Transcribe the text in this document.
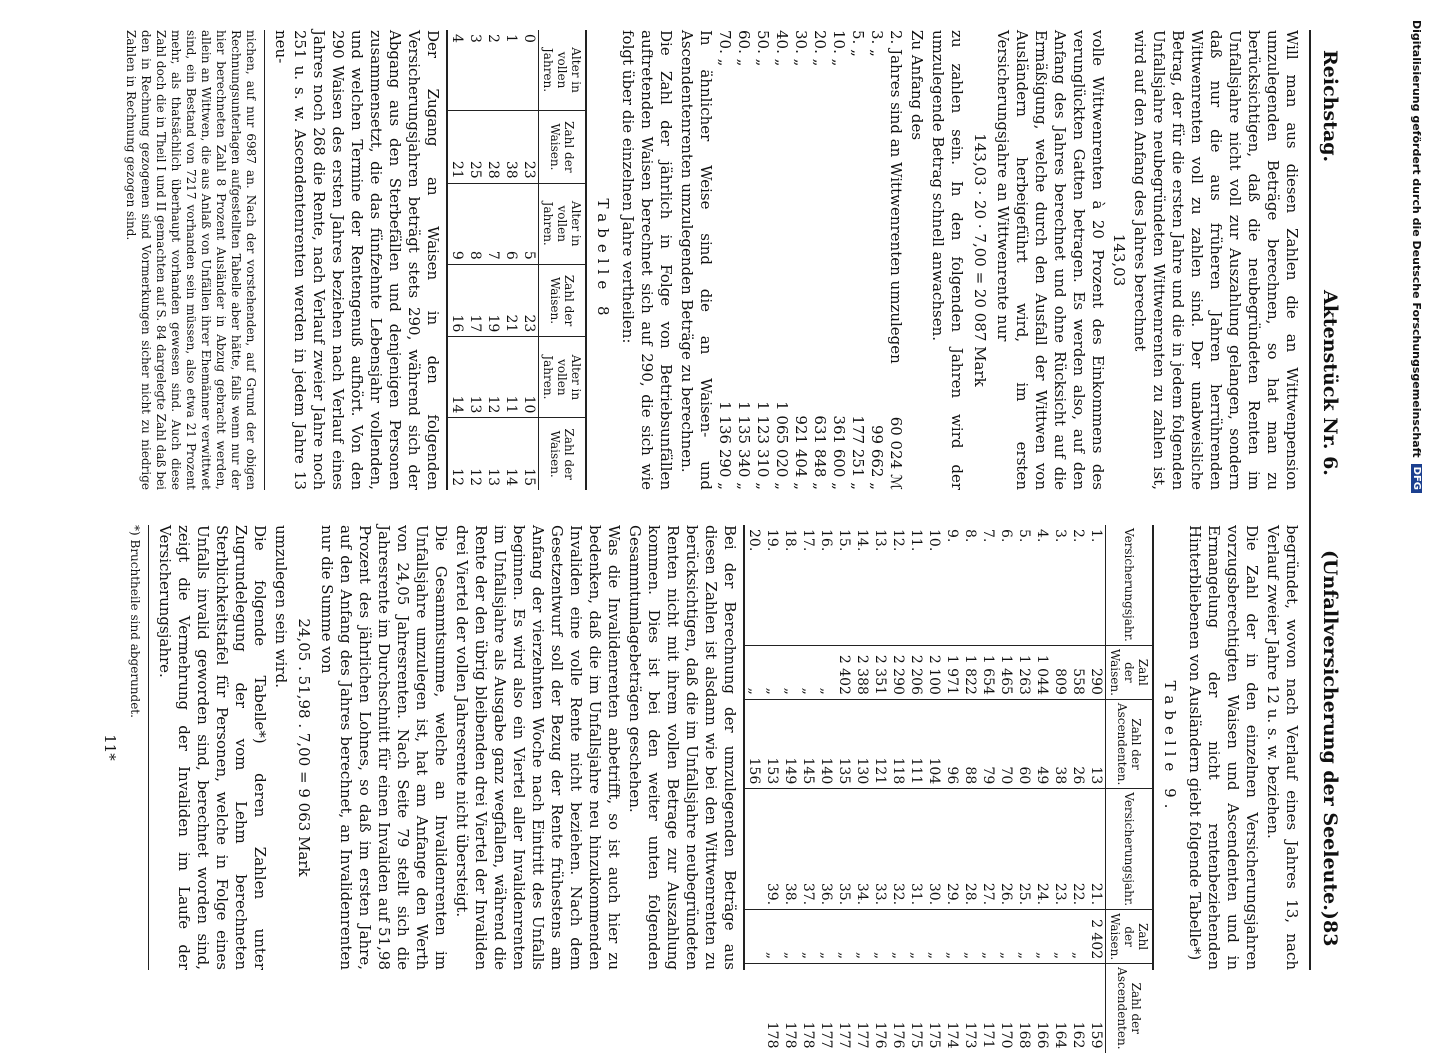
Reichstag.
Aktenstück Nr. 6.
(Unfallversicherung der Seeleute.)
83

Will man aus diesen Zahlen die an Wittwenpension umzulegenden Beträge berechnen, so hat man zu berücksichtigen, daß die neubegründeten Renten im Unfallsjahre nicht voll zur Auszahlung gelangen, sondern daß nur die aus früheren Jahren herrührenden Wittwenrenten voll zu zahlen sind. Der unabweisliche Betrag, der für die ersten Jahre und die in jedem folgenden Unfallsjahre neubegründeten Wittwenrenten zu zahlen ist, wird auf den Anfang des Jahres berechnet

143,03

volle Wittwenrenten à 20 Prozent des Einkommens des verunglückten Gatten betragen. Es werden also, auf den Anfang des Jahres berechnet und ohne Rücksicht auf die Ermäßigung, welche durch den Ausfall der Wittwen von Ausländern herbeigeführt wird, im ersten Versicherungsjahre an Wittwenrente nur

143,03 · 20 · 7,00 = 20 087 Mark

zu zahlen sein. In den folgenden Jahren wird der umzulegende Betrag schnell anwachsen.

Zu Anfang des

2. Jahres sind an Wittwenrenten umzulegen
60 024 ℳ
3. „
99 662 „
5. „
177 251 „
10. „
361 600 „
20. „
631 848 „
30. „
921 404 „
40. „
1 065 020 „
50. „
1 123 310 „
60. „
1 135 340 „
70. „
1 136 290 „

In ähnlicher Weise sind die an Waisen- und Ascendentenrenten umzulegenden Beträge zu berechnen.

Die Zahl der jährlich in Folge von Betriebsunfällen auftretenden Waisen berechnet sich auf 290, die sich wie folgt über die einzelnen Jahre vertheilen:

Tabelle 8
Alter in vollen Jahren.	Zahl der Waisen.	Alter in vollen Jahren.	Zahl der Waisen.	Alter in vollen Jahren.	Zahl der Waisen.
0	23	5	23	10	15
1	38	6	21	11	14
2	28	7	19	12	13
3	25	8	17	13	12
4	21	9	16	14	12

Der Zugang an Waisen in den folgenden Versicherungsjahren beträgt stets 290, während sich der Abgang aus den Sterbefällen und denjenigen Personen zusammensetzt, die das fünfzehnte Lebensjahr vollenden, und welchen Termine der Rentengenuß aufhört. Von den 290 Waisen des ersten Jahres beziehen nach Verlauf eines Jahres noch 268 die Rente, nach Verlauf zweier Jahre noch 251 u. s. w. Ascendentenrenten werden in jedem Jahre 13 neu-

nichen, auf nur 6987 an. Nach der vorstehenden, auf Grund der obigen Rechnungsunterlagen aufgestellten Tabelle aber hätte, falls wenn nur der hier berechneten Zahl 8 Prozent Ausländer in Abzug gebracht werden, allein an Wittwen, die aus Anlaß von Unfällen ihrer Ehemänner verwittwet sind, ein Bestand von 7217 vorhanden sein müssen, also etwa 21 Prozent mehr, als thatsächlich überhaupt vorhanden gewesen sind. Auch diese Zahl doch die in Theil I und II gemachten auf S. 84 dargelegte Zahl daß bei den in Rechnung gezogenen sind Vormerkungen sicher nicht zu niedrige Zahlen in Rechnung gezogen sind.

begründet, wovon nach Verlauf eines Jahres 13, nach Verlauf zweier Jahre 12 u. s. w. beziehen.

Die Zahl der in den einzelnen Versicherungsjahren vorzugsberechtigten Waisen und Ascendenten und in Ermangelung der nicht rentenbeziehenden Hinterbliebenen von Ausländern giebt folgende Tabelle*)

Tabelle 9.
Versicherungsjahr.	Zahl der Waisen.	Zahl der Ascendenten.	Versicherungsjahr.	Zahl der Waisen.	Zahl der Ascendenten.
1.	290	13	21.	2 402	159
2.	558	26	22.	„	162
3.	809	38	23.	„	164
4.	1 044	49	24.	„	166
5.	1 263	60	25.	„	168
6.	1 465	70	26.	„	170
7.	1 654	79	27.	„	171
8.	1 822	88	28.	„	173
9.	1 971	96	29.	„	174
10.	2 100	104	30.	„	175
11.	2 206	111	31.	„	175
12.	2 290	118	32.	„	176
13.	2 351	121	33.	„	176
14.	2 388	130	34.	„	177
15.	2 402	135	35.	„	177
16.	„	140	36.	„	177
17.	„	145	37.	„	178
18.	„	149	38.	„	178
19.	„	153	39.	„	178
20.	„	156			

Bei der Berechnung der umzulegenden Beträge aus diesen Zahlen ist alsdann wie bei den Wittwenrenten zu berücksichtigen, daß die im Unfallsjahre neubegründeten Renten nicht mit ihrem vollen Betrage zur Auszahlung kommen. Dies ist bei den weiter unten folgenden Gesammtumlagebeträgen geschehen.

Was die Invalidenrenten anbetrifft, so ist auch hier zu bedenken, daß die im Unfallsjahre neu hinzukommenden Invaliden eine volle Rente nicht beziehen. Nach dem Gesetzentwurf soll der Bezug der Rente frühestens am Anfang der vierzehnten Woche nach Eintritt des Unfalls beginnen. Es wird also ein Viertel aller Invalidenrenten im Unfallsjahre als Ausgabe ganz wegfallen, während die Rente der den übrig bleibenden drei Viertel der Invaliden drei Viertel der vollen Jahresrente nicht übersteigt.

Die Gesammtsumme, welche an Invalidenrenten im Unfallsjahre umzulegen ist, hat am Anfange den Werth von 24,05 Jahresrenten. Nach Seite 79 stellt sich die Jahresrente im Durchschnitt für einen Invaliden auf 51,98 Prozent des jährlichen Lohnes, so daß im ersten Jahre, auf den Anfang des Jahres berechnet, an Invalidenrenten nur die Summe von

24,05 . 51,98 . 7,00 = 9 063 Mark

umzulegen sein wird.

Die folgende Tabelle*) deren Zahlen unter Zugrundelegung der vom Lehm berechneten Sterblichkeitstafel für Personen, welche in Folge eines Unfalls invalid geworden sind, berechnet worden sind, zeigt die Vermehrung der Invaliden im Laufe der Versicherungsjahre.

*) Bruchtheile sind abgerundet.

11*

Digitalisierung gefördert durch die Deutsche Forschungsgemeinschaft
DFG
